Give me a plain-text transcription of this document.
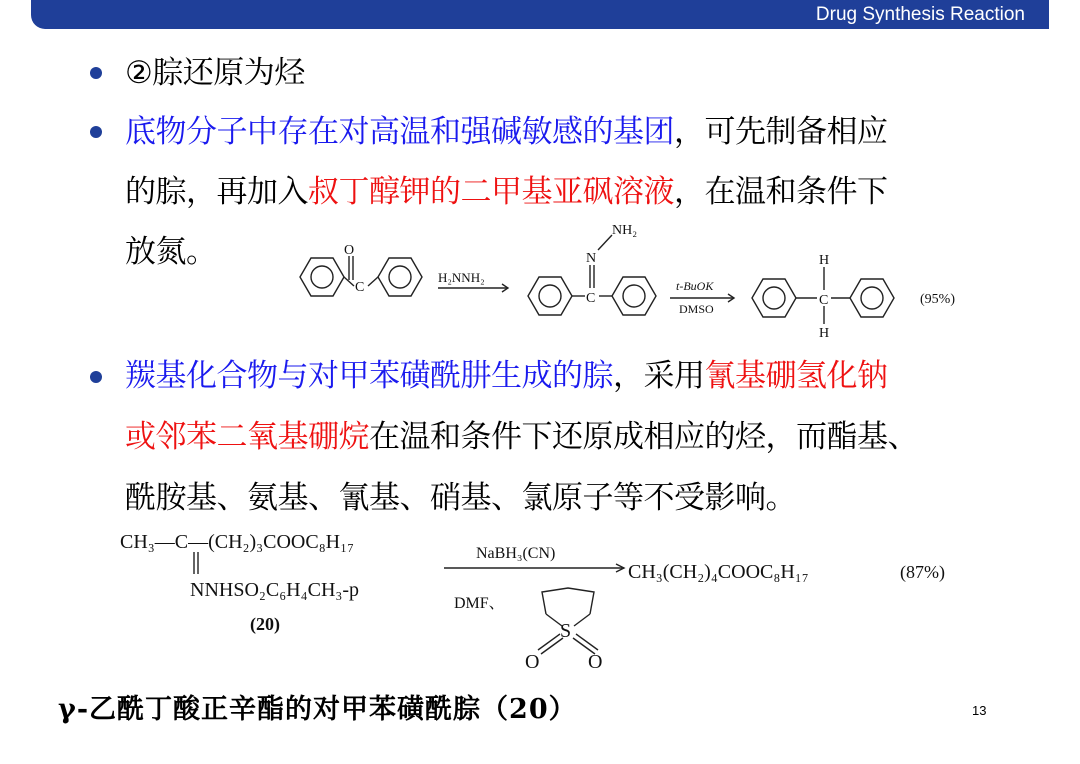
Drug Synthesis Reaction
②腙还原为烃
底物分子中存在对高温和强碱敏感的基团，可先制备相应
的腙，再加入叔丁醇钾的二甲基亚砜溶液，在温和条件下
放氮。	O
C
H₂NNH₂
NH₂
N
C
t-BuOK
DMSO
H
C
H
(95%)
羰基化合物与对甲苯磺酰肼生成的腙，采用氰基硼氢化钠
或邻苯二氧基硼烷在温和条件下还原成相应的烃，而酯基、
酰胺基、氨基、氰基、硝基、氯原子等不受影响。
CH₃—C—(CH₂)₃COOC₈H₁₇
NNHSO₂C₆H₄CH₃-p
(20)
NaBH₃(CN)
DMF、
S
O O
CH₃(CH₂)₄COOC₈H₁₇	(87%)
γ-乙酰丁酸正辛酯的对甲苯磺酰腙（20）	13
